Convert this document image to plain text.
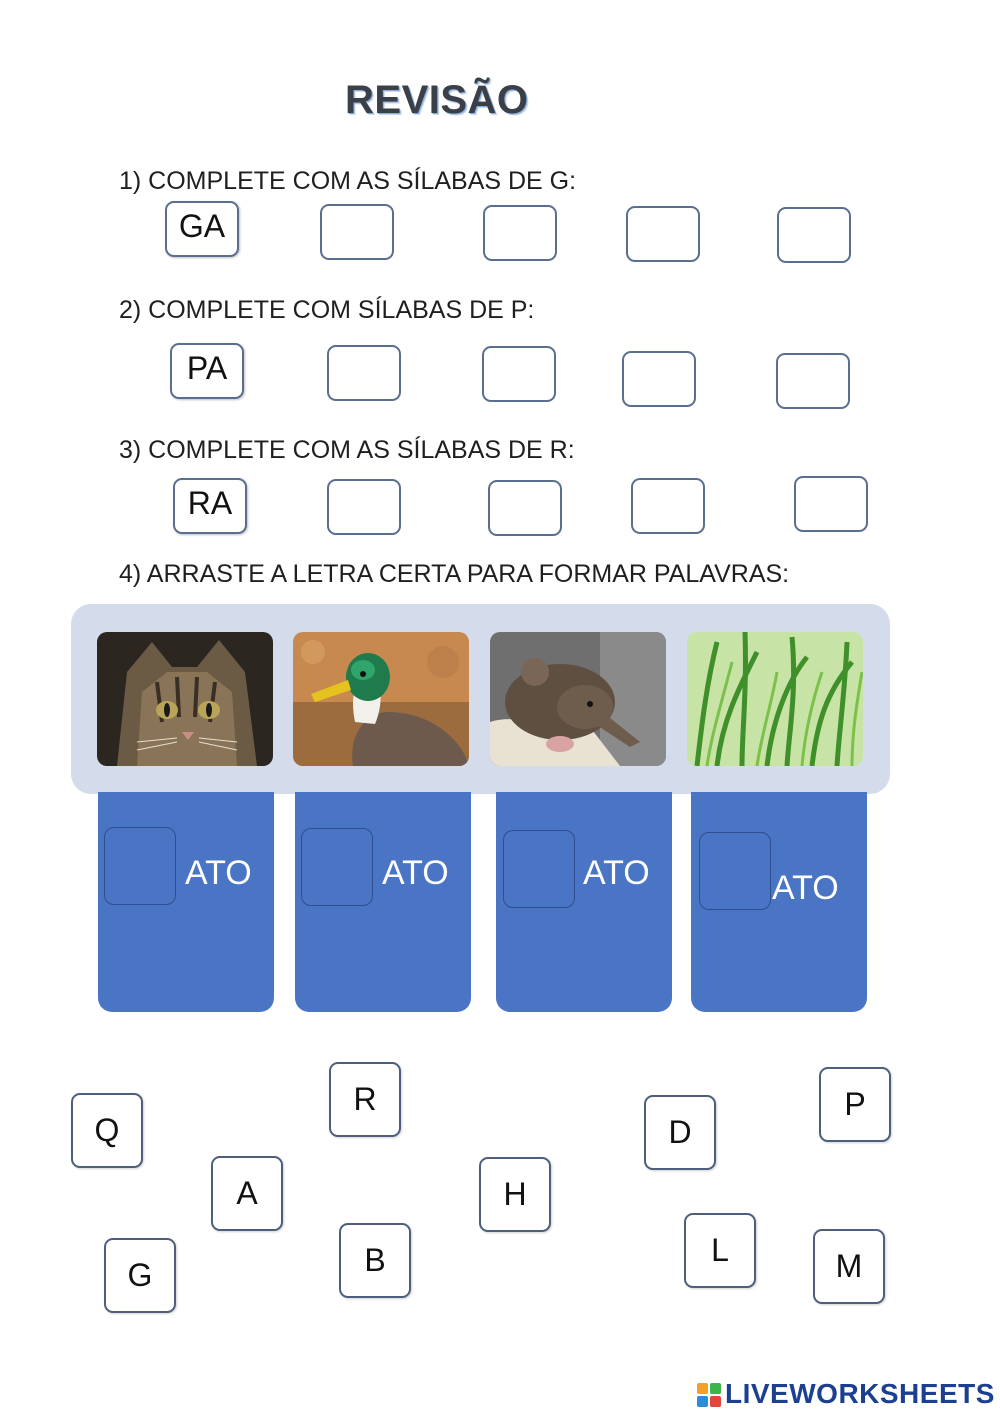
REVISÃO
1) COMPLETE COM AS SÍLABAS DE G:
GA
2) COMPLETE COM SÍLABAS DE P:
PA
3) COMPLETE COM AS SÍLABAS DE R:
RA
4) ARRASTE A LETRA CERTA PARA FORMAR PALAVRAS:
ATO	ATO	ATO	ATO
Q
R
A
G	B
H
D
P
L	M
LIVEWORKSHEETS
